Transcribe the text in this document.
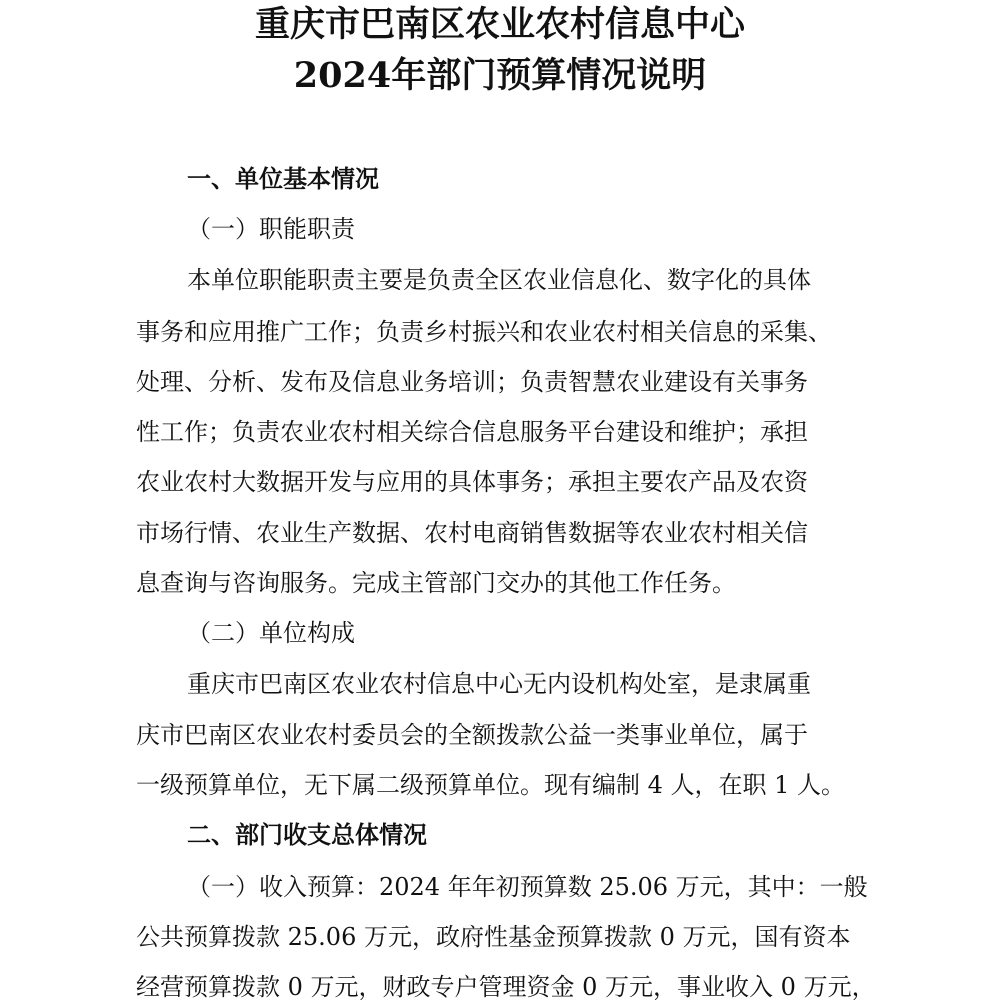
重庆市巴南区农业农村信息中心
2024年部门预算情况说明
一、单位基本情况
（一）职能职责
本单位职能职责主要是负责全区农业信息化、数字化的具体
事务和应用推广工作；负责乡村振兴和农业农村相关信息的采集、
处理、分析、发布及信息业务培训；负责智慧农业建设有关事务
性工作；负责农业农村相关综合信息服务平台建设和维护；承担
农业农村大数据开发与应用的具体事务；承担主要农产品及农资
市场行情、农业生产数据、农村电商销售数据等农业农村相关信
息查询与咨询服务。完成主管部门交办的其他工作任务。
（二）单位构成
重庆市巴南区农业农村信息中心无内设机构处室，是隶属重
庆市巴南区农业农村委员会的全额拨款公益一类事业单位，属于
一级预算单位，无下属二级预算单位。现有编制 4 人，在职 1 人。
二、部门收支总体情况
（一）收入预算：2024 年年初预算数 25.06 万元，其中：一般
公共预算拨款 25.06 万元，政府性基金预算拨款 0 万元，国有资本
经营预算拨款 0 万元，财政专户管理资金 0 万元，事业收入 0 万元，
